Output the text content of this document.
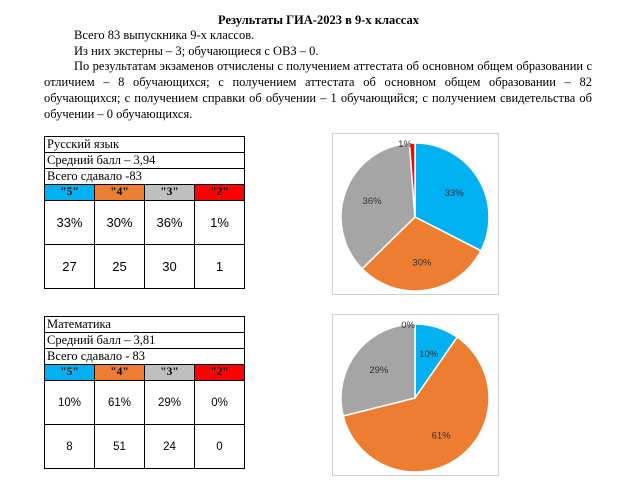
Результаты ГИА-2023 в 9-х классах
Всего 83 выпускника 9-х классов.
Из них экстерны – 3; обучающиеся с ОВЗ – 0.
По результатам экзаменов отчислены с получением аттестата об основном общем образовании с отличием – 8 обучающихся; с получением аттестата об основном общем образовании – 82 обучающихся; с получением справки об обучении – 1 обучающийся; с получением свидетельства об обучении – 0 обучающихся.
Русский язык			
Средний балл – 3,94			
Всего сдавало -83			
"5"	"4"	"3"	"2"
33%	30%	36%	1%
27	25	30	1
Математика			
Средний балл – 3,81			
Всего сдавало - 83			
"5"	"4"	"3"	"2"
10%	61%	29%	0%
8	51	24	0
33%
30%
36%
1%
10%
61%
29%
0%
